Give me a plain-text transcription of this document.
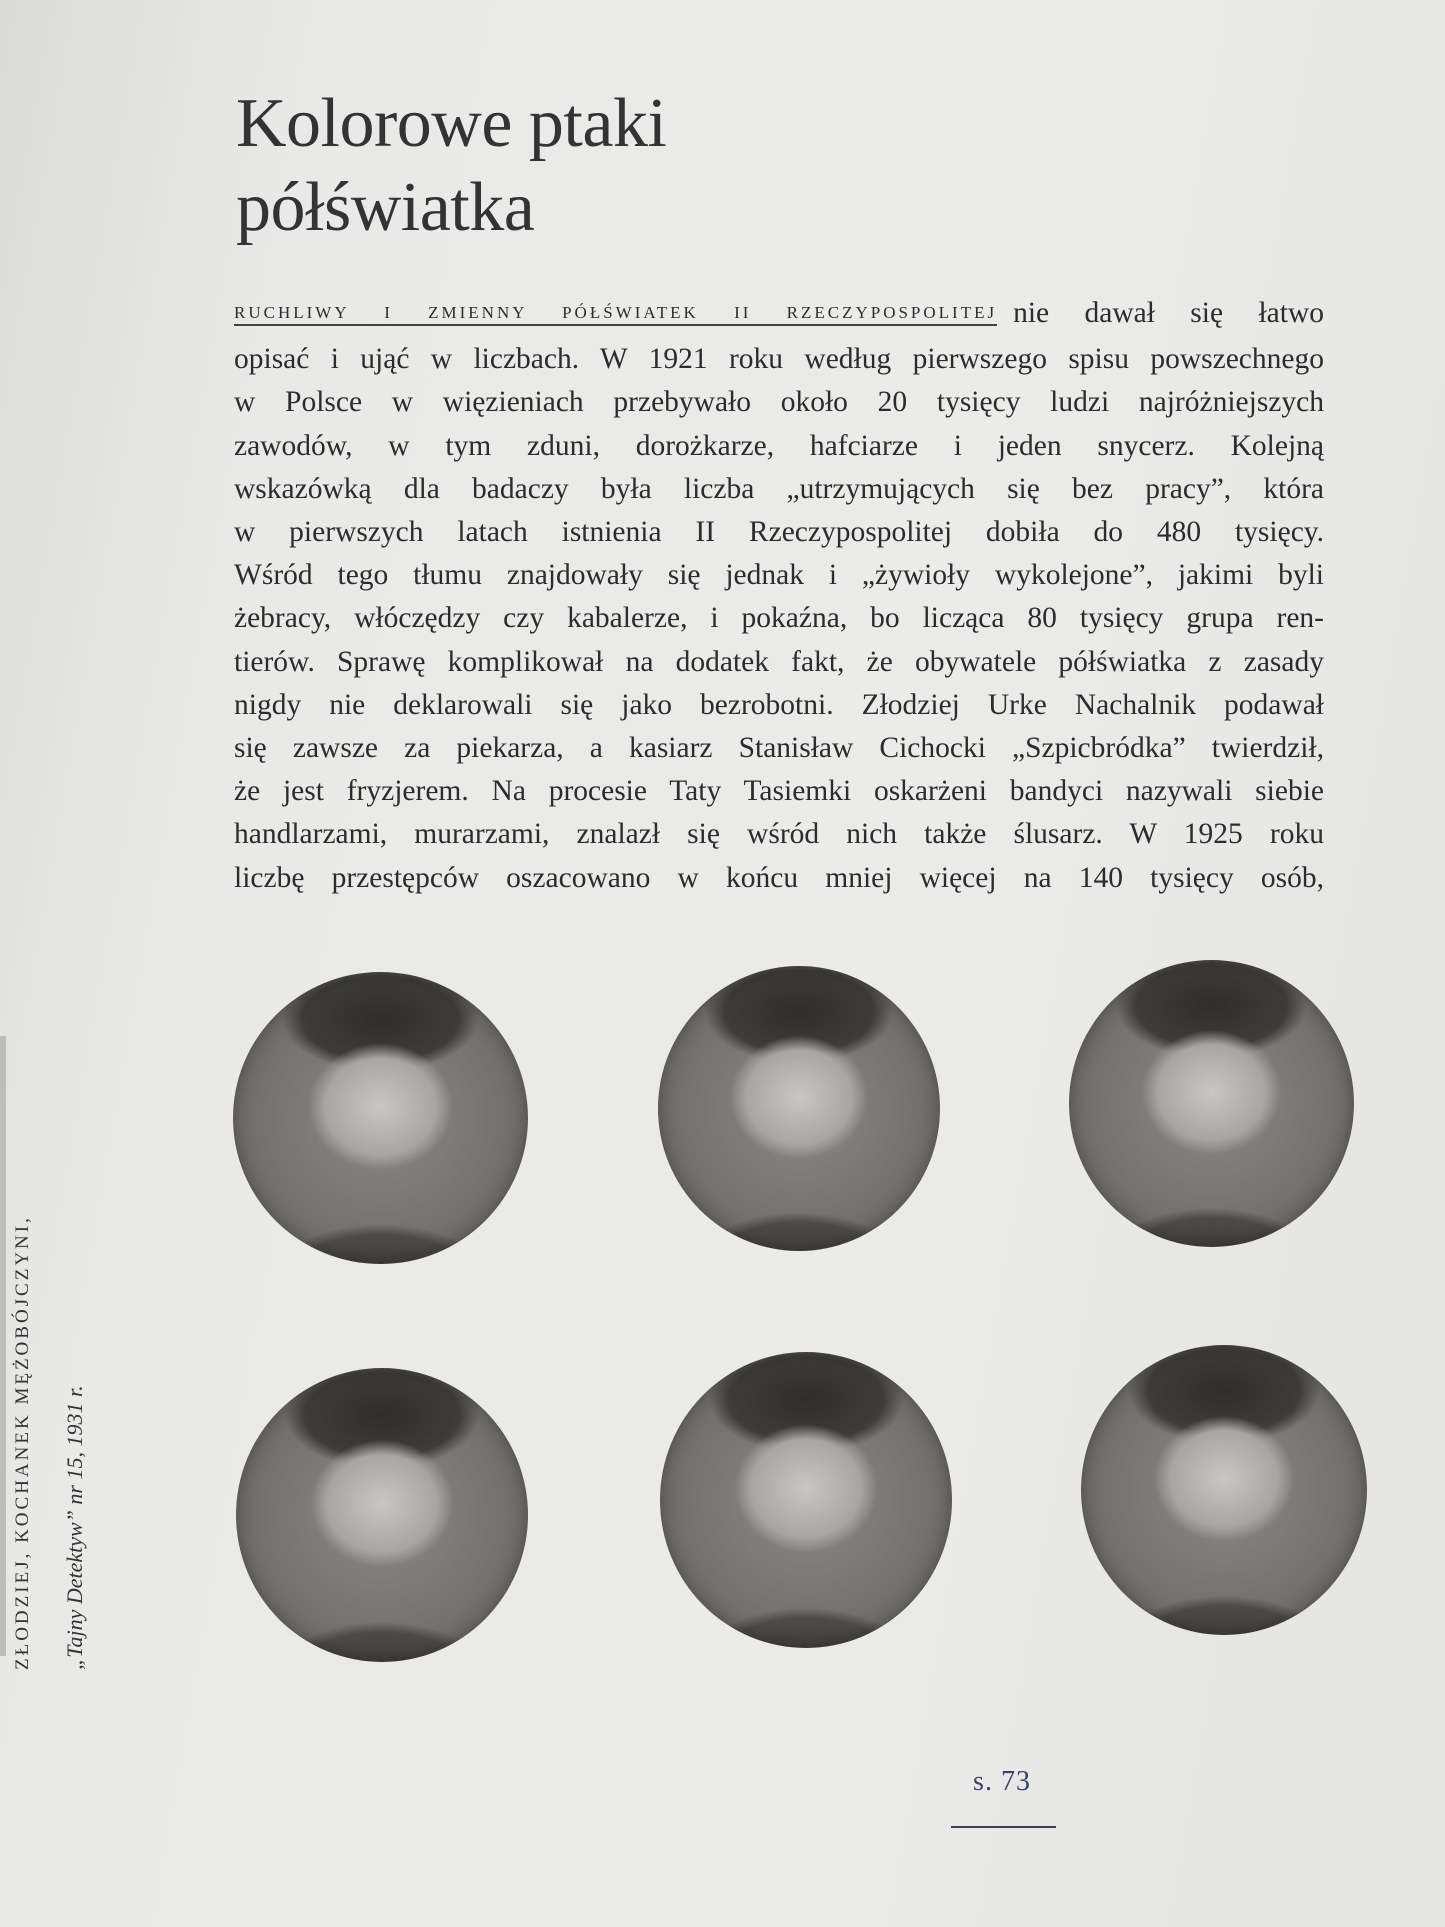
Kolorowe ptaki
półświatka
RUCHLIWY I ZMIENNY PÓŁŚWIATEK II RZECZYPOSPOLITEJ nie dawał się łatwo
opisać i ująć w liczbach. W 1921 roku według pierwszego spisu powszechnego
w Polsce w więzieniach przebywało około 20 tysięcy ludzi najróżniejszych
zawodów, w tym zduni, dorożkarze, hafciarze i jeden snycerz. Kolejną
wskazówką dla badaczy była liczba „utrzymujących się bez pracy”, która
w pierwszych latach istnienia II Rzeczypospolitej dobiła do 480 tysięcy.
Wśród tego tłumu znajdowały się jednak i „żywioły wykolejone”, jakimi byli
żebracy, włóczędzy czy kabalerze, i pokaźna, bo licząca 80 tysięcy grupa ren-
tierów. Sprawę komplikował na dodatek fakt, że obywatele półświatka z zasady
nigdy nie deklarowali się jako bezrobotni. Złodziej Urke Nachalnik podawał
się zawsze za piekarza, a kasiarz Stanisław Cichocki „Szpicbródka” twierdził,
że jest fryzjerem. Na procesie Taty Tasiemki oskarżeni bandyci nazywali siebie
handlarzami, murarzami, znalazł się wśród nich także ślusarz. W 1925 roku
liczbę przestępców oszacowano w końcu mniej więcej na 140 tysięcy osób,
ZŁODZIEJ, KOCHANEK MĘŻOBÓJCZYNI,	„Tajny Detektyw” nr 15, 1931 r.
s. 73
